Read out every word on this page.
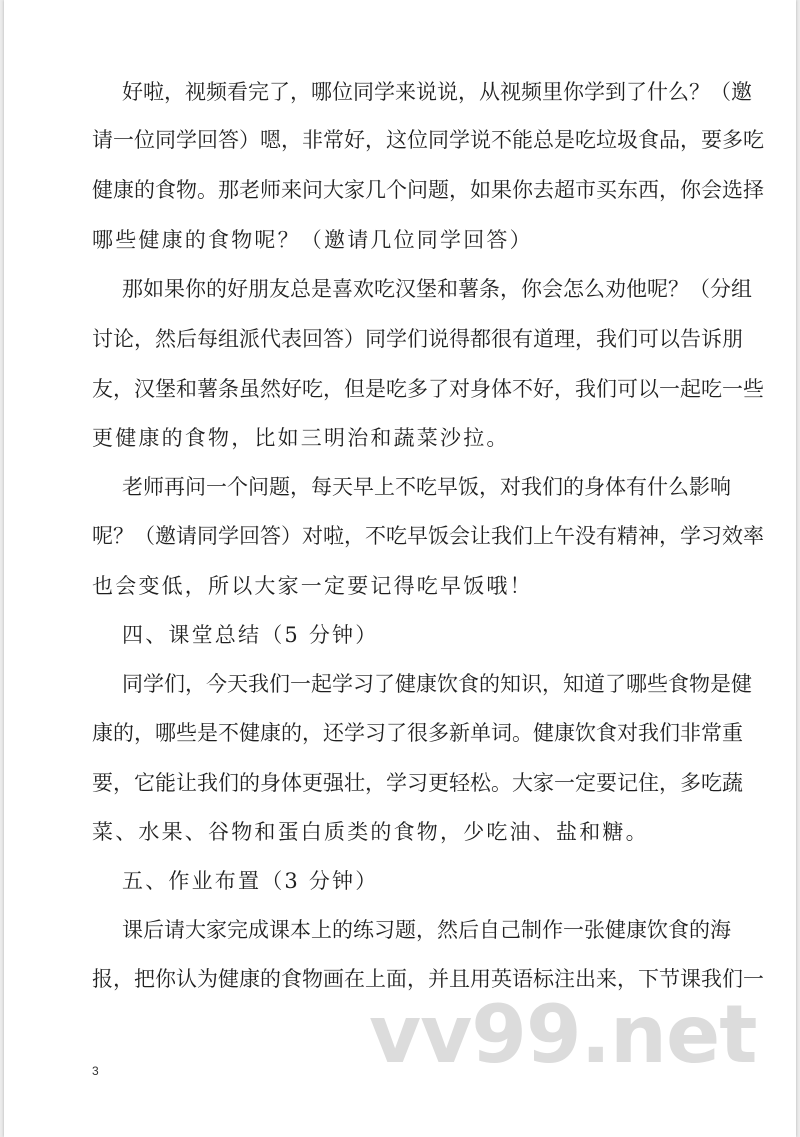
好啦，视频看完了，哪位同学来说说，从视频里你学到了什么？（邀
请一位同学回答）嗯，非常好，这位同学说不能总是吃垃圾食品，要多吃
健康的食物。那老师来问大家几个问题，如果你去超市买东西，你会选择
哪些健康的食物呢？（邀请几位同学回答）
那如果你的好朋友总是喜欢吃汉堡和薯条，你会怎么劝他呢？（分组
讨论，然后每组派代表回答）同学们说得都很有道理，我们可以告诉朋
友，汉堡和薯条虽然好吃，但是吃多了对身体不好，我们可以一起吃一些
更健康的食物，比如三明治和蔬菜沙拉。
老师再问一个问题，每天早上不吃早饭，对我们的身体有什么影响
呢？（邀请同学回答）对啦，不吃早饭会让我们上午没有精神，学习效率
也会变低，所以大家一定要记得吃早饭哦！
四、课堂总结（5 分钟）
同学们，今天我们一起学习了健康饮食的知识，知道了哪些食物是健
康的，哪些是不健康的，还学习了很多新单词。健康饮食对我们非常重
要，它能让我们的身体更强壮，学习更轻松。大家一定要记住，多吃蔬
菜、水果、谷物和蛋白质类的食物，少吃油、盐和糖。
五、作业布置（3 分钟）
课后请大家完成课本上的练习题，然后自己制作一张健康饮食的海
报，把你认为健康的食物画在上面，并且用英语标注出来，下节课我们一
vv99.net
3
